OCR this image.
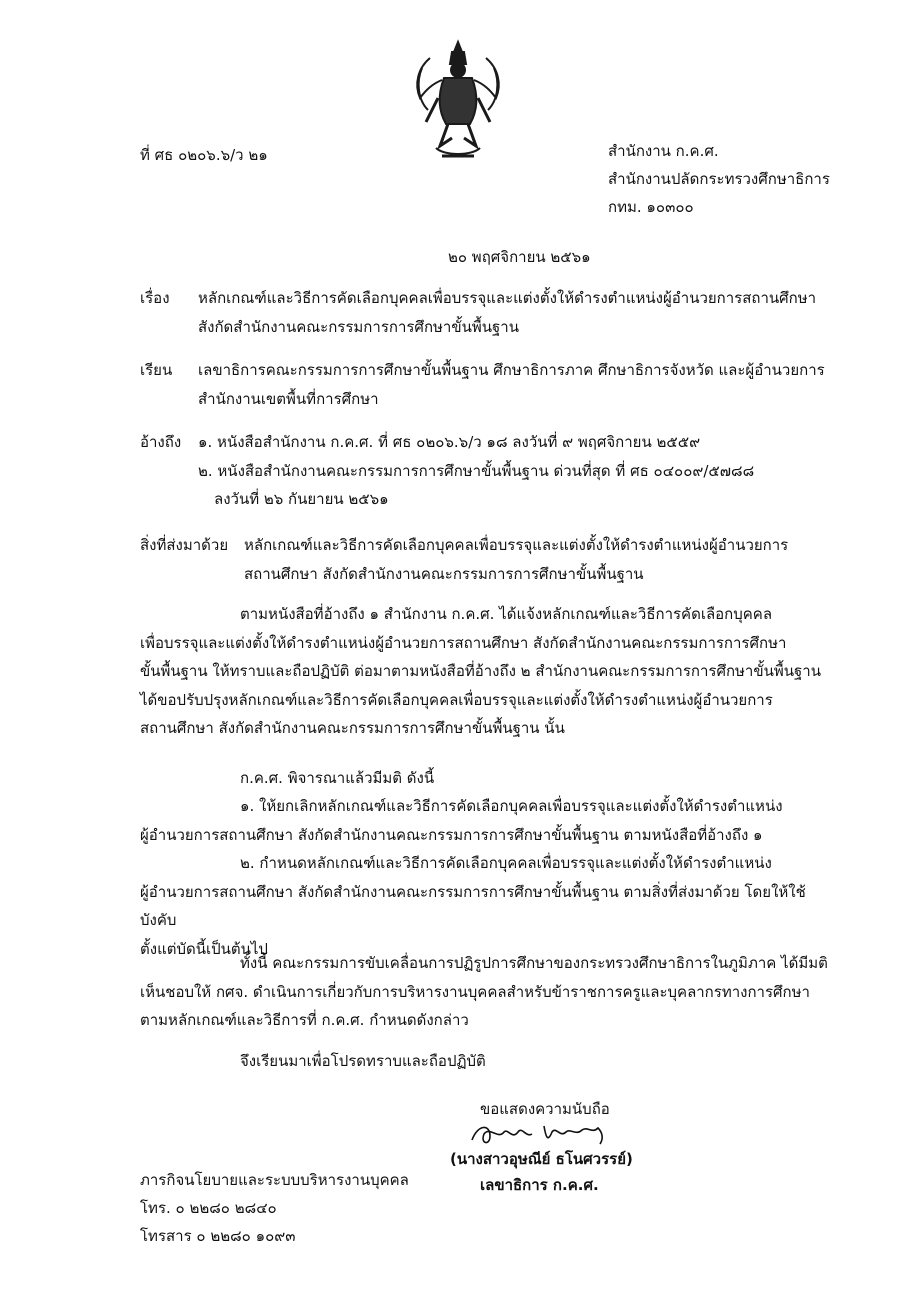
ที่ ศธ ๐๒๐๖.๖/ว ๒๑	สำนักงาน ก.ค.ศ.
สำนักงานปลัดกระทรวงศึกษาธิการ
กทม. ๑๐๓๐๐
๒๐ พฤศจิกายน ๒๕๖๑
เรื่อง	หลักเกณฑ์และวิธีการคัดเลือกบุคคลเพื่อบรรจุและแต่งตั้งให้ดำรงตำแหน่งผู้อำนวยการสถานศึกษา
สังกัดสำนักงานคณะกรรมการการศึกษาขั้นพื้นฐาน
เรียน	เลขาธิการคณะกรรมการการศึกษาขั้นพื้นฐาน ศึกษาธิการภาค ศึกษาธิการจังหวัด และผู้อำนวยการ
สำนักงานเขตพื้นที่การศึกษา
อ้างถึง	๑. หนังสือสำนักงาน ก.ค.ศ. ที่ ศธ ๐๒๐๖.๖/ว ๑๘ ลงวันที่ ๙ พฤศจิกายน ๒๕๕๙
๒. หนังสือสำนักงานคณะกรรมการการศึกษาขั้นพื้นฐาน ด่วนที่สุด ที่ ศธ ๐๔๐๐๙/๕๗๘๘
ลงวันที่ ๒๖ กันยายน ๒๕๖๑
สิ่งที่ส่งมาด้วย	หลักเกณฑ์และวิธีการคัดเลือกบุคคลเพื่อบรรจุและแต่งตั้งให้ดำรงตำแหน่งผู้อำนวยการ
สถานศึกษา สังกัดสำนักงานคณะกรรมการการศึกษาขั้นพื้นฐาน
ตามหนังสือที่อ้างถึง ๑ สำนักงาน ก.ค.ศ. ได้แจ้งหลักเกณฑ์และวิธีการคัดเลือกบุคคล
เพื่อบรรจุและแต่งตั้งให้ดำรงตำแหน่งผู้อำนวยการสถานศึกษา สังกัดสำนักงานคณะกรรมการการศึกษา
ขั้นพื้นฐาน ให้ทราบและถือปฏิบัติ ต่อมาตามหนังสือที่อ้างถึง ๒ สำนักงานคณะกรรมการการศึกษาขั้นพื้นฐาน
ได้ขอปรับปรุงหลักเกณฑ์และวิธีการคัดเลือกบุคคลเพื่อบรรจุและแต่งตั้งให้ดำรงตำแหน่งผู้อำนวยการ
สถานศึกษา สังกัดสำนักงานคณะกรรมการการศึกษาขั้นพื้นฐาน นั้น
ก.ค.ศ. พิจารณาแล้วมีมติ ดังนี้
๑. ให้ยกเลิกหลักเกณฑ์และวิธีการคัดเลือกบุคคลเพื่อบรรจุและแต่งตั้งให้ดำรงตำแหน่ง
ผู้อำนวยการสถานศึกษา สังกัดสำนักงานคณะกรรมการการศึกษาขั้นพื้นฐาน ตามหนังสือที่อ้างถึง ๑
๒. กำหนดหลักเกณฑ์และวิธีการคัดเลือกบุคคลเพื่อบรรจุและแต่งตั้งให้ดำรงตำแหน่ง
ผู้อำนวยการสถานศึกษา สังกัดสำนักงานคณะกรรมการการศึกษาขั้นพื้นฐาน ตามสิ่งที่ส่งมาด้วย โดยให้ใช้บังคับ
ตั้งแต่บัดนี้เป็นต้นไป
ทั้งนี้ คณะกรรมการขับเคลื่อนการปฏิรูปการศึกษาของกระทรวงศึกษาธิการในภูมิภาค ได้มีมติ
เห็นชอบให้ กศจ. ดำเนินการเกี่ยวกับการบริหารงานบุคคลสำหรับข้าราชการครูและบุคลากรทางการศึกษา
ตามหลักเกณฑ์และวิธีการที่ ก.ค.ศ. กำหนดดังกล่าว
จึงเรียนมาเพื่อโปรดทราบและถือปฏิบัติ
ขอแสดงความนับถือ
(นางสาวอุษณีย์ ธโนศวรรย์)
เลขาธิการ ก.ค.ศ.
ภารกิจนโยบายและระบบบริหารงานบุคคล
โทร. ๐ ๒๒๘๐ ๒๘๔๐
โทรสาร ๐ ๒๒๘๐ ๑๐๙๓
